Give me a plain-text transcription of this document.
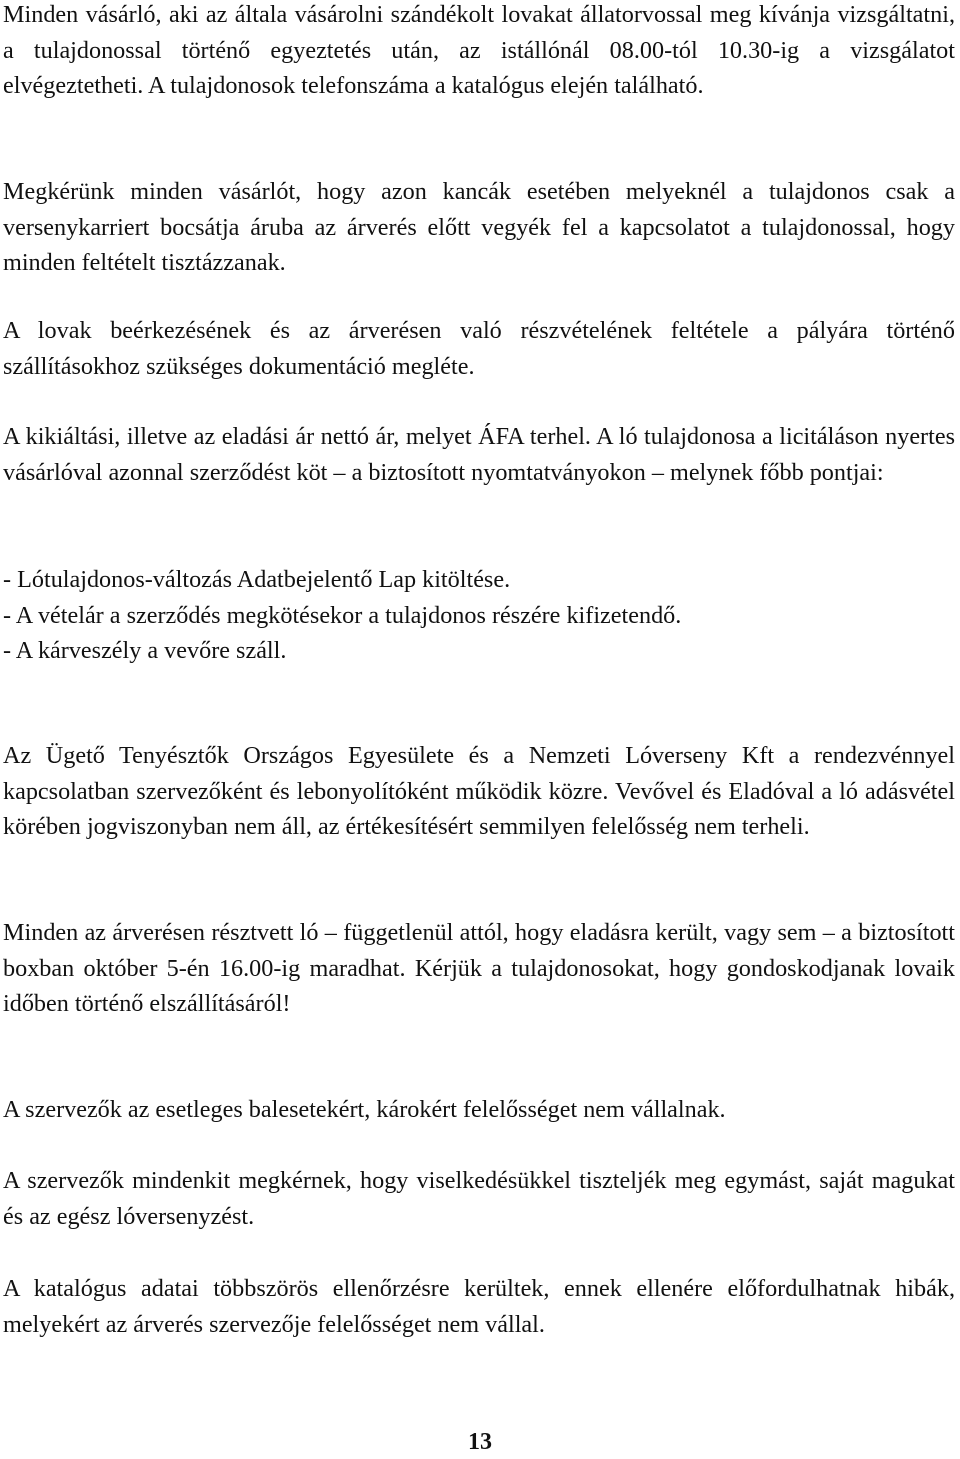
Minden vásárló, aki az általa vásárolni szándékolt lovakat állatorvossal meg kívánja vizsgáltatni, a tulajdonossal történő egyeztetés után, az istállónál 08.00-tól 10.30-ig a vizsgálatot elvégeztetheti. A tulajdonosok telefonszáma a katalógus elején található.

Megkérünk minden vásárlót, hogy azon kancák esetében melyeknél a tulajdonos csak a versenykarriert bocsátja áruba az árverés előtt vegyék fel a kapcsolatot a tulajdonossal, hogy minden feltételt tisztázzanak.

A lovak beérkezésének és az árverésen való részvételének feltétele a pályára történő szállításokhoz szükséges dokumentáció megléte.

A kikiáltási, illetve az eladási ár nettó ár, melyet ÁFA terhel. A ló tulajdonosa a licitáláson nyertes vásárlóval azonnal szerződést köt – a biztosított nyomtatványokon – melynek főbb pontjai:

- Lótulajdonos-változás Adatbejelentő Lap kitöltése.

- A vételár a szerződés megkötésekor a tulajdonos részére kifizetendő.

- A kárveszély a vevőre száll.

Az Ügető Tenyésztők Országos Egyesülete és a Nemzeti Lóverseny Kft a rendezvénnyel kapcsolatban szervezőként és lebonyolítóként működik közre. Vevővel és Eladóval a ló adásvétel körében jogviszonyban nem áll, az értékesítésért semmilyen felelősség nem terheli.

Minden az árverésen résztvett ló – függetlenül attól, hogy eladásra került, vagy sem – a biztosított boxban október 5-én 16.00-ig maradhat. Kérjük a tulajdonosokat, hogy gondoskodjanak lovaik időben történő elszállításáról!

A szervezők az esetleges balesetekért, károkért felelősséget nem vállalnak.

A szervezők mindenkit megkérnek, hogy viselkedésükkel tiszteljék meg egymást, saját magukat és az egész lóversenyzést.

A katalógus adatai többszörös ellenőrzésre kerültek, ennek ellenére előfordulhatnak hibák, melyekért az árverés szervezője felelősséget nem vállal.

13
